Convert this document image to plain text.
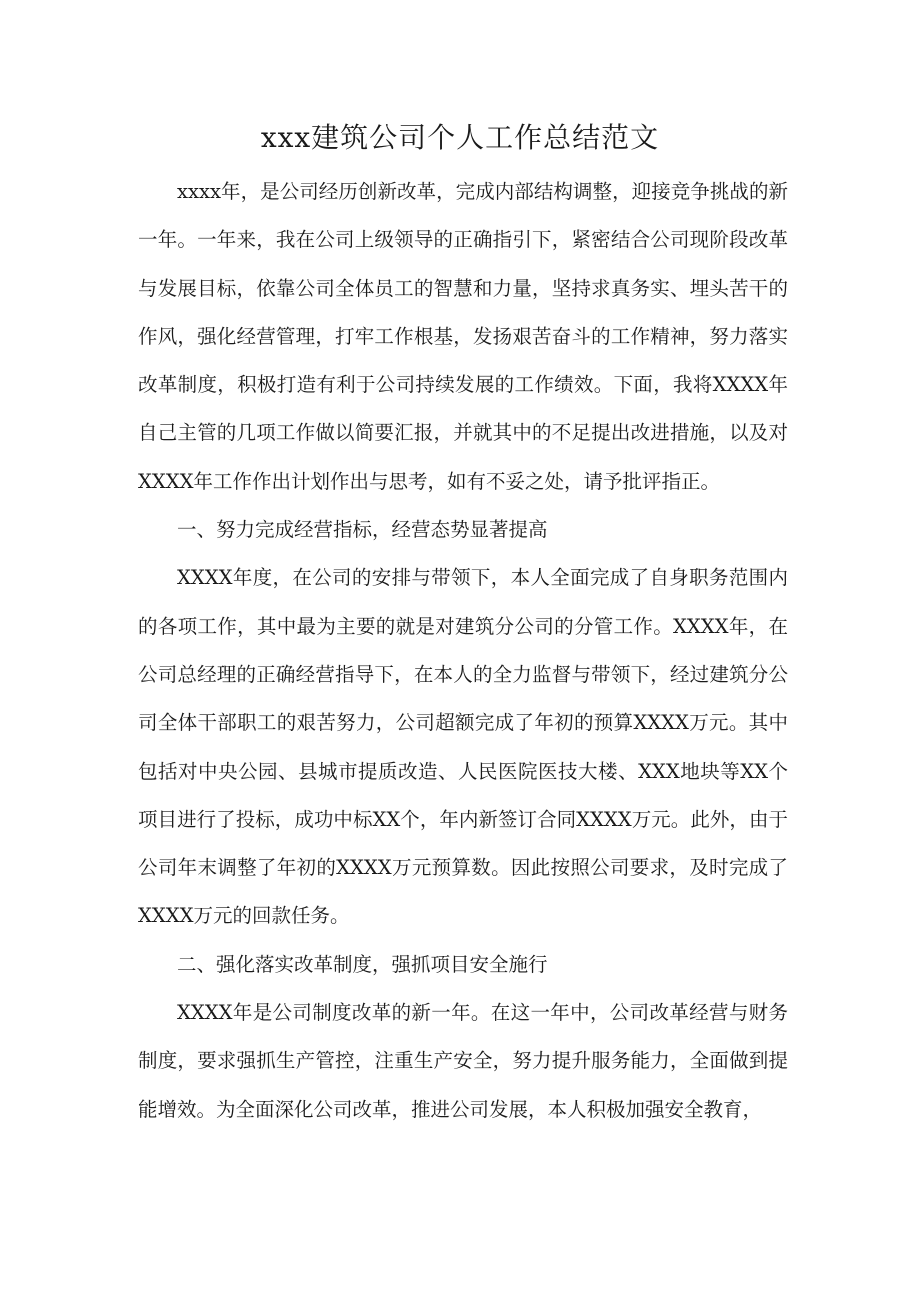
xxx建筑公司个人工作总结范文

xxxx年，是公司经历创新改革，完成内部结构调整，迎接竞争挑战的新一年。一年来，我在公司上级领导的正确指引下，紧密结合公司现阶段改革与发展目标，依靠公司全体员工的智慧和力量，坚持求真务实、埋头苦干的作风，强化经营管理，打牢工作根基，发扬艰苦奋斗的工作精神，努力落实改革制度，积极打造有利于公司持续发展的工作绩效。下面，我将XXXX年自己主管的几项工作做以简要汇报，并就其中的不足提出改进措施，以及对XXXX年工作作出计划作出与思考，如有不妥之处，请予批评指正。

一、努力完成经营指标，经营态势显著提高

XXXX年度，在公司的安排与带领下，本人全面完成了自身职务范围内的各项工作，其中最为主要的就是对建筑分公司的分管工作。XXXX年，在公司总经理的正确经营指导下，在本人的全力监督与带领下，经过建筑分公司全体干部职工的艰苦努力，公司超额完成了年初的预算XXXX万元。其中包括对中央公园、县城市提质改造、人民医院医技大楼、XXX地块等XX个项目进行了投标，成功中标XX个，年内新签订合同XXXX万元。此外，由于公司年末调整了年初的XXXX万元预算数。因此按照公司要求，及时完成了XXXX万元的回款任务。

二、强化落实改革制度，强抓项目安全施行

XXXX年是公司制度改革的新一年。在这一年中，公司改革经营与财务制度，要求强抓生产管控，注重生产安全，努力提升服务能力，全面做到提能增效。为全面深化公司改革，推进公司发展，本人积极加强安全教育，
